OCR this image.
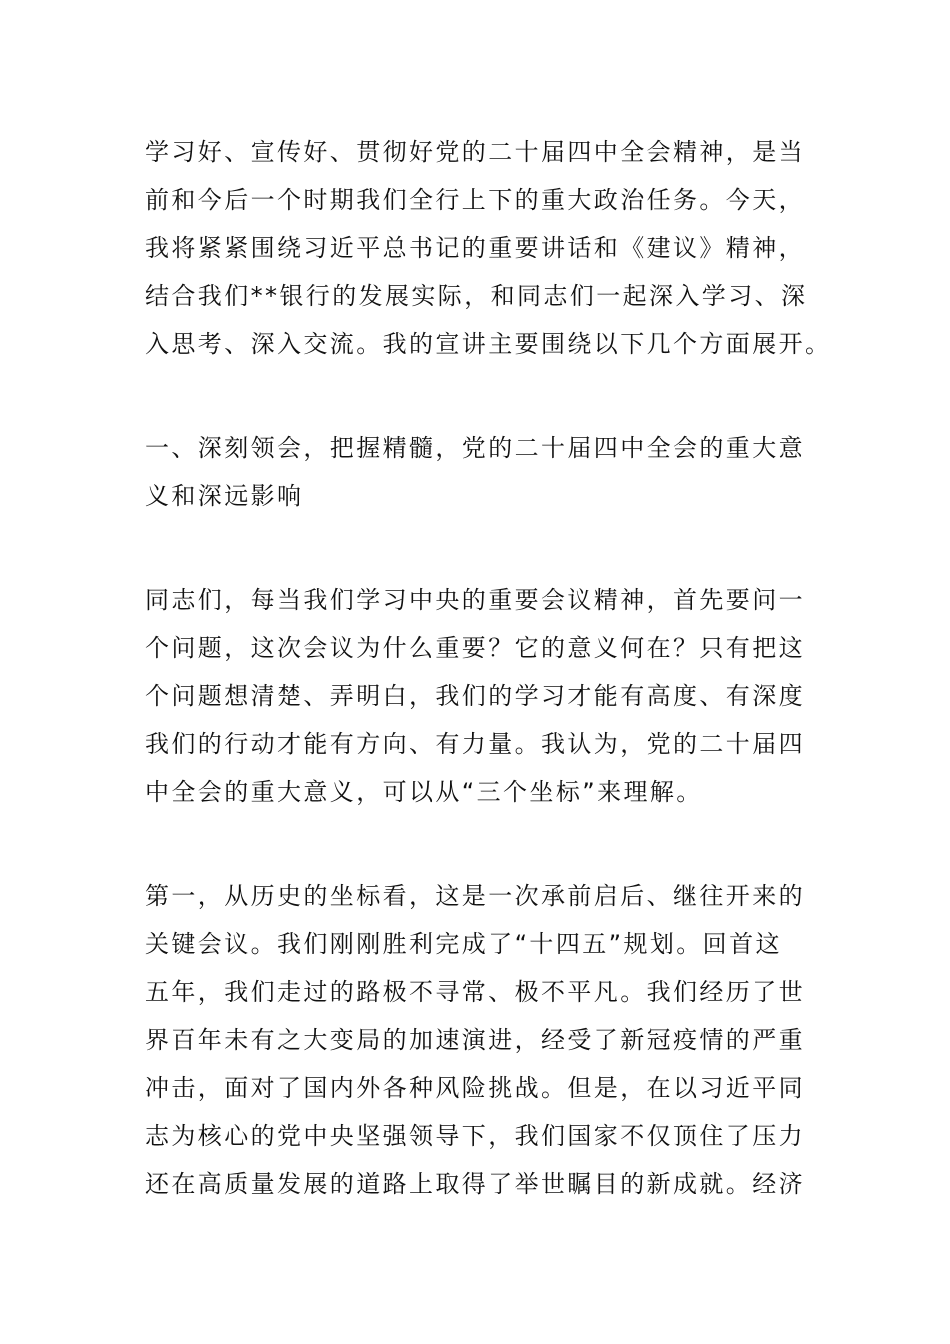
学习好、宣传好、贯彻好党的二十届四中全会精神，是当
前和今后一个时期我们全行上下的重大政治任务。今天，
我将紧紧围绕习近平总书记的重要讲话和《建议》精神，
结合我们**银行的发展实际，和同志们一起深入学习、深
入思考、深入交流。我的宣讲主要围绕以下几个方面展开。
一、深刻领会，把握精髓，党的二十届四中全会的重大意
义和深远影响
同志们，每当我们学习中央的重要会议精神，首先要问一
个问题，这次会议为什么重要？它的意义何在？只有把这
个问题想清楚、弄明白，我们的学习才能有高度、有深度
我们的行动才能有方向、有力量。我认为，党的二十届四
中全会的重大意义，可以从“三个坐标”来理解。
第一，从历史的坐标看，这是一次承前启后、继往开来的
关键会议。我们刚刚胜利完成了“十四五”规划。回首这
五年，我们走过的路极不寻常、极不平凡。我们经历了世
界百年未有之大变局的加速演进，经受了新冠疫情的严重
冲击，面对了国内外各种风险挑战。但是，在以习近平同
志为核心的党中央坚强领导下，我们国家不仅顶住了压力
还在高质量发展的道路上取得了举世瞩目的新成就。经济
